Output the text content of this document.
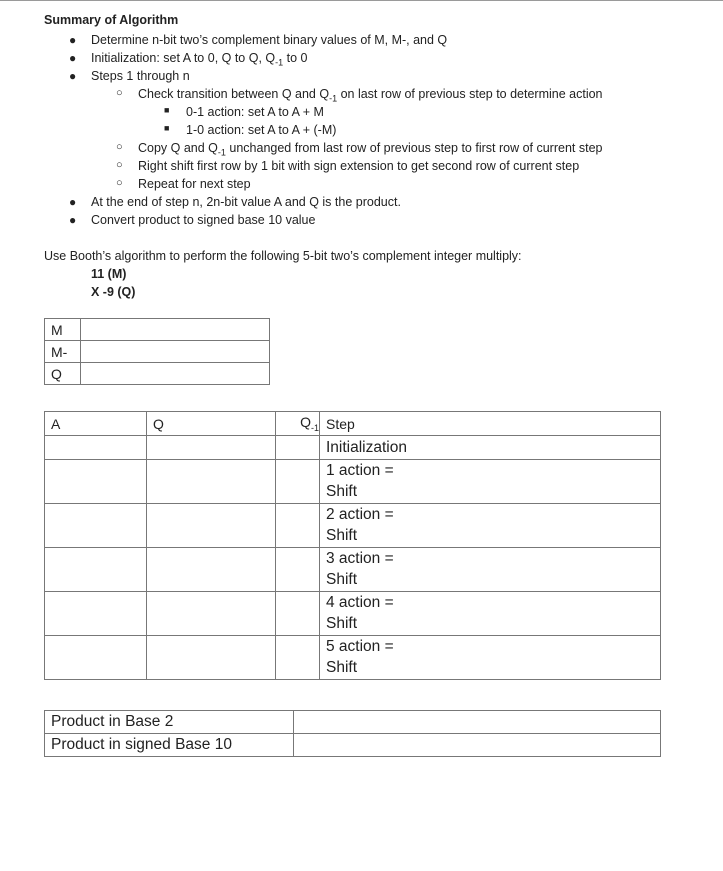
Summary of Algorithm
● Determine n-bit two’s complement binary values of M, M-, and Q
● Initialization: set A to 0, Q to Q, $Q_{-1}$ to 0
● Steps 1 through n
○ Check transition between Q and $Q_{-1}$ on last row of previous step to determine action
■ 0-1 action: set A to A + M
■ 1-0 action: set A to A + (-M)
○ Copy Q and $Q_{-1}$ unchanged from last row of previous step to first row of current step
○ Right shift first row by 1 bit with sign extension to get second row of current step
○ Repeat for next step
● At the end of step n, 2n-bit value A and Q is the product.
● Convert product to signed base 10 value
Use Booth’s algorithm to perform the following 5-bit two’s complement integer multiply:
11 (M)
X -9 (Q)
M	
M-	
Q	
A	Q	$Q_{-1}$	Step
			Initialization
			1 action =
			Shift
			2 action =
			Shift
			3 action =
			Shift
			4 action =
			Shift
			5 action =
			Shift
Product in Base 2	
Product in signed Base 10	
